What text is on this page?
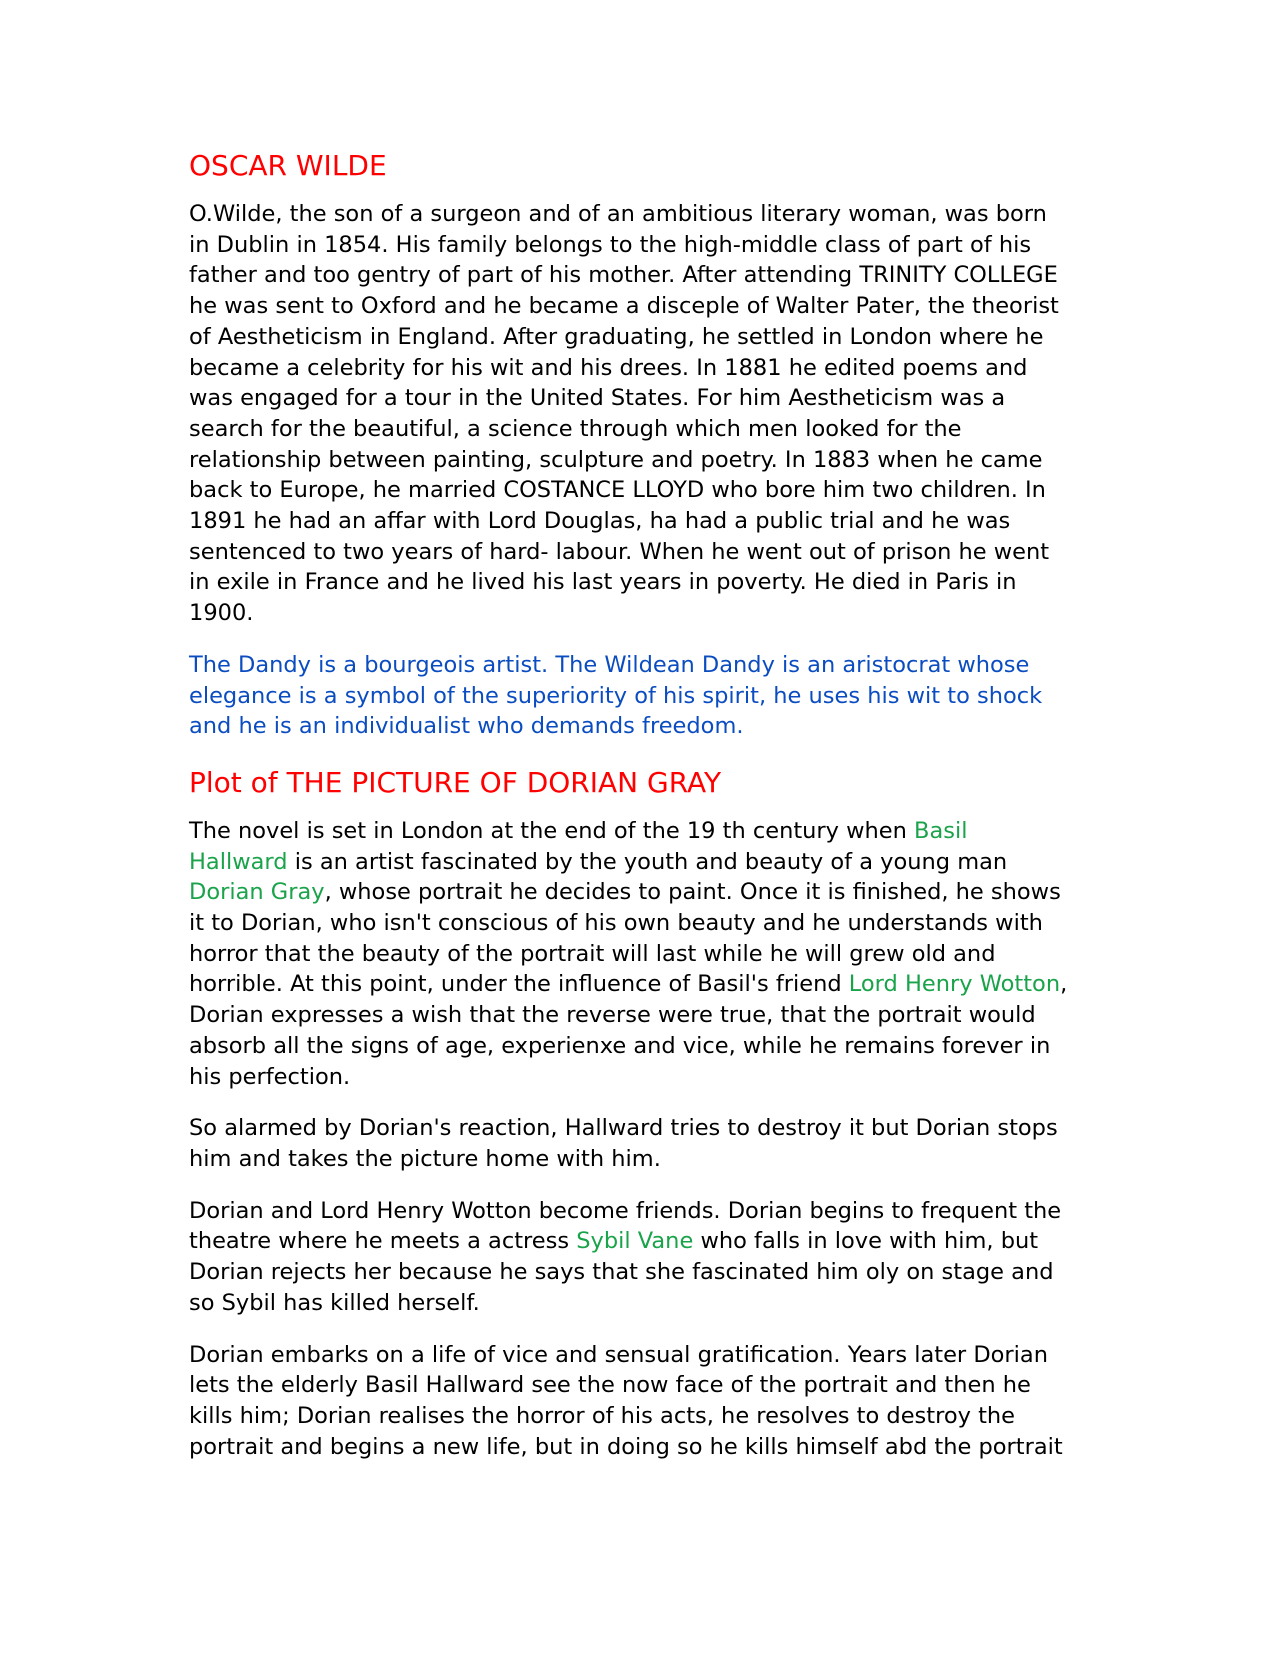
OSCAR WILDE

O.Wilde, the son of a surgeon and of an ambitious literary woman, was born
in Dublin in 1854. His family belongs to the high-middle class of part of his
father and too gentry of part of his mother. After attending TRINITY COLLEGE
he was sent to Oxford and he became a disceple of Walter Pater, the theorist
of Aestheticism in England. After graduating, he settled in London where he
became a celebrity for his wit and his drees. In 1881 he edited poems and
was engaged for a tour in the United States. For him Aestheticism was a
search for the beautiful, a science through which men looked for the
relationship between painting, sculpture and poetry. In 1883 when he came
back to Europe, he married COSTANCE LLOYD who bore him two children. In
1891 he had an affar with Lord Douglas, ha had a public trial and he was
sentenced to two years of hard- labour. When he went out of prison he went
in exile in France and he lived his last years in poverty. He died in Paris in
1900.

The Dandy is a bourgeois artist. The Wildean Dandy is an aristocrat whose
elegance is a symbol of the superiority of his spirit, he uses his wit to shock
and he is an individualist who demands freedom.

Plot of THE PICTURE OF DORIAN GRAY

The novel is set in London at the end of the 19 th century when Basil
Hallward is an artist fascinated by the youth and beauty of a young man
Dorian Gray, whose portrait he decides to paint. Once it is finished, he shows
it to Dorian, who isn't conscious of his own beauty and he understands with
horror that the beauty of the portrait will last while he will grew old and
horrible. At this point, under the influence of Basil's friend Lord Henry Wotton,
Dorian expresses a wish that the reverse were true, that the portrait would
absorb all the signs of age, experienxe and vice, while he remains forever in
his perfection.

So alarmed by Dorian's reaction, Hallward tries to destroy it but Dorian stops
him and takes the picture home with him.

Dorian and Lord Henry Wotton become friends. Dorian begins to frequent the
theatre where he meets a actress Sybil Vane who falls in love with him, but
Dorian rejects her because he says that she fascinated him oly on stage and
so Sybil has killed herself.

Dorian embarks on a life of vice and sensual gratification. Years later Dorian
lets the elderly Basil Hallward see the now face of the portrait and then he
kills him; Dorian realises the horror of his acts, he resolves to destroy the
portrait and begins a new life, but in doing so he kills himself abd the portrait
